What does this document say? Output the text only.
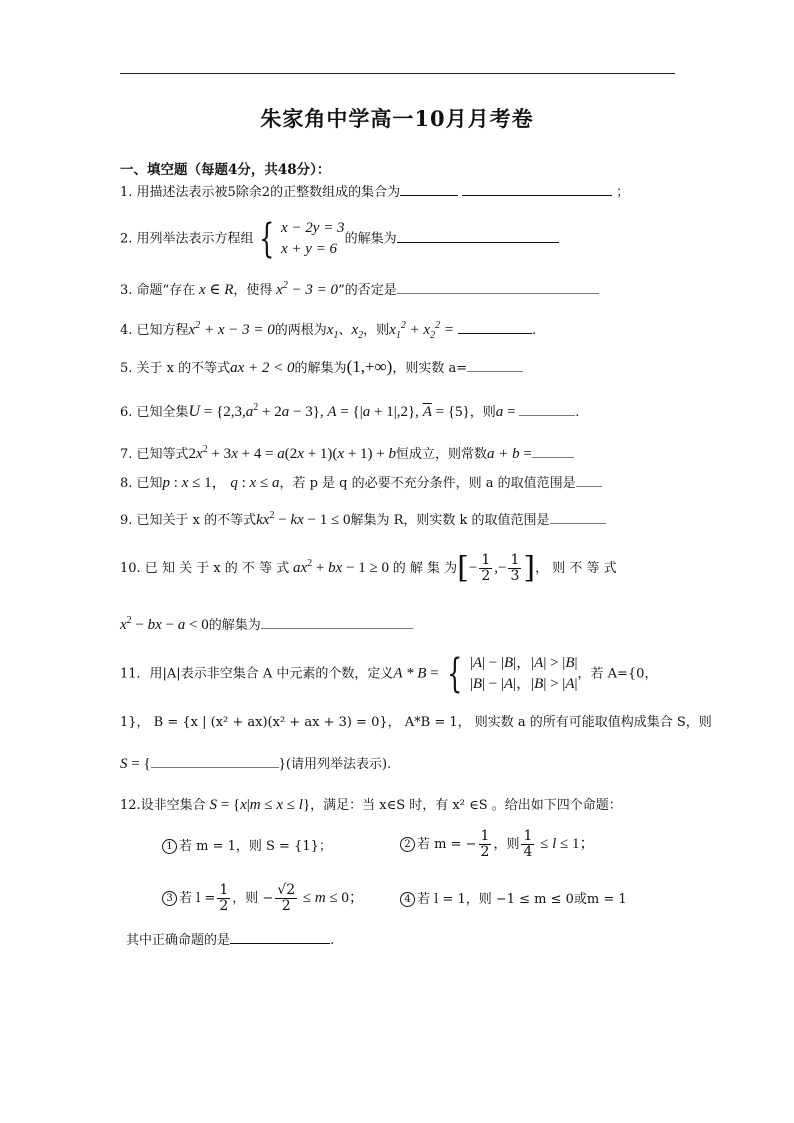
朱家角中学高一10月月考卷
一、填空题（每题4分，共48分）：
1. 用描述法表示被5除余2的正整数组成的集合为	；
2. 用列举法表示方程组 { x − 2y = 3
x + y = 6
的解集为
3. 命题“存在 x ∈ R，使得 $x^2 - 3 = 0$”的否定是
4. 已知方程$x^2 + x - 3 = 0$的两根为$x_1$、$x_2$，则$x_1^2 + x_2^2$ =	.
5. 关于 x 的不等式ax + 2 < 0的解集为(1,+∞)，则实数 a=
6. 已知全集$U = \{2,3,a^2 + 2a - 3\}$, A = {|a + 1|,2}, $\overline{A} = \{5\}$，则a =	.
7. 已知等式$2x^2 + 3x + 4 = a(2x + 1)(x + 1) + b$恒成立，则常数a + b =
8. 已知p : x ≤ 1， q : x ≤ a，若 p 是 q 的必要不充分条件，则 a 的取值范围是
9. 已知关于 x 的不等式$kx^2$ − kx − 1 ≤ 0解集为 R，则实数 k 的取值范围是
10. 已 知 关 于 x 的 不 等 式 $ax^2$ + bx − 1 ≥ 0 的 解 集 为[− $\frac{1}{2}$ ,− $\frac{1}{3}$ ]， 则 不 等 式
$x^2$ − bx − a < 0的解集为
11．用|A|表示非空集合 A 中元素的个数，定义A * B = { |A| − |B|，|A| > |B|
|B| − |A|，|B| > |A|
，若 A={0，
1}， B = {x | (x² + ax)(x² + ax + 3) = 0}， A*B = 1， 则实数 a 的所有可能取值构成集合 S，则
S = {	}(请用列举法表示).
12.设非空集合 S = {x|m ≤ x ≤ l}，满足：当 x∈S 时，有 x² ∈S 。给出如下四个命题：
1 若 m = 1，则 S = {1}；	2 若 m = − $\frac{1}{2}$ ，则 $\frac{1}{4} \le l \le 1$；
3 若 $l = \frac{1}{2}$ ，则 − $\frac{√2}{2} \le m \le 0$；	4 若 l = 1，则 −1 ≤ m ≤ 0或m = 1
其中正确命题的是	.
